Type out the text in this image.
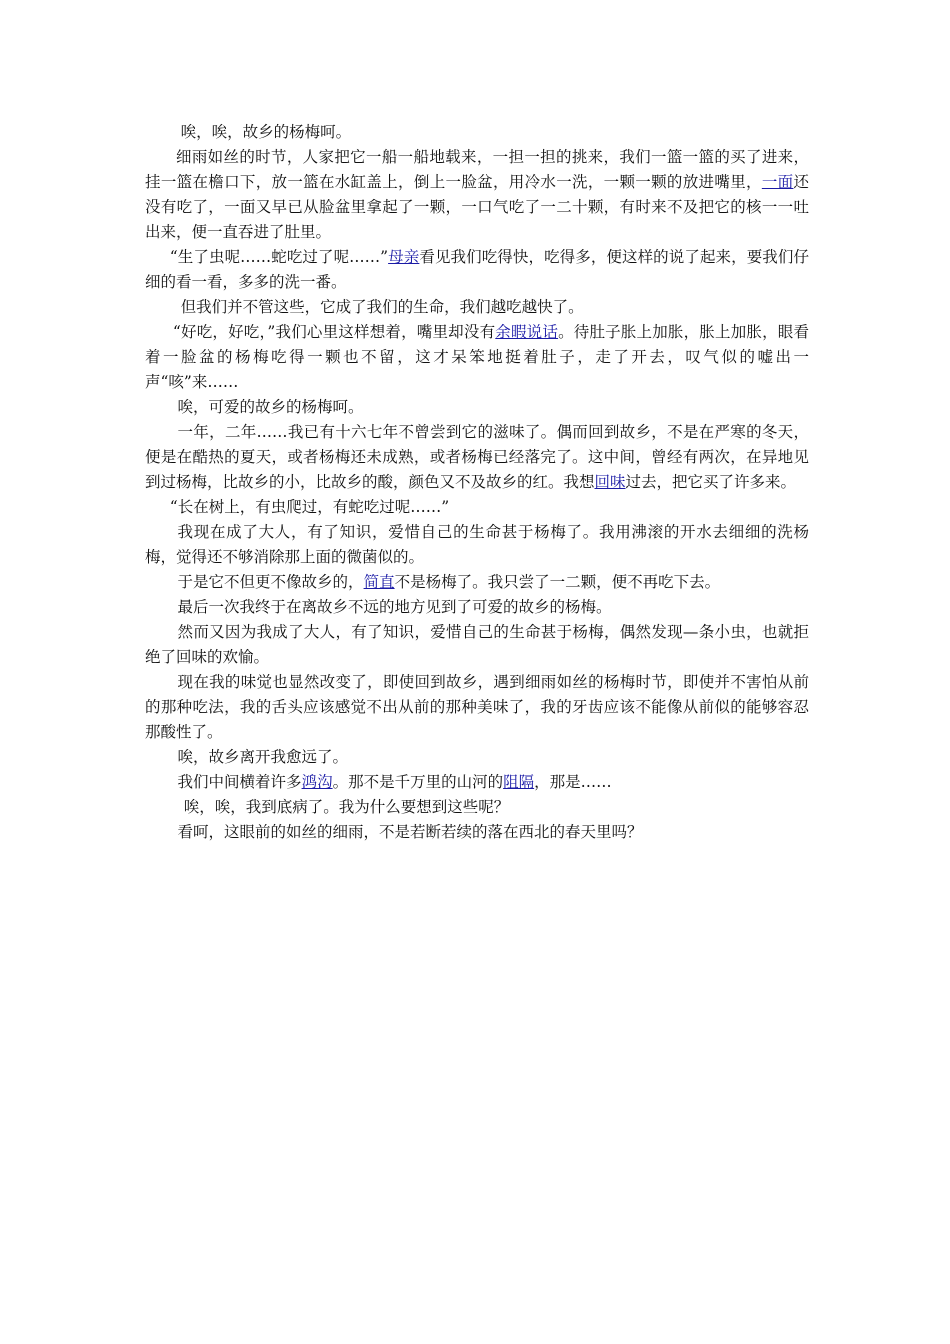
唉，唉，故乡的杨梅呵。

细雨如丝的时节，人家把它一船一船地载来，一担一担的挑来，我们一篮一篮的买了进来，挂一篮在檐口下，放一篮在水缸盖上，倒上一脸盆，用冷水一洗，一颗一颗的放进嘴里，一面还没有吃了，一面又早已从脸盆里拿起了一颗，一口气吃了一二十颗，有时来不及把它的核一一吐出来，便一直吞进了肚里。

“生了虫呢……蛇吃过了呢……”母亲看见我们吃得快，吃得多，便这样的说了起来，要我们仔细的看一看，多多的洗一番。

但我们并不管这些，它成了我们的生命，我们越吃越快了。

“好吃，好吃，”我们心里这样想着，嘴里却没有余暇说话。待肚子胀上加胀，胀上加胀，眼看着一脸盆的杨梅吃得一颗也不留，这才呆笨地挺着肚子，走了开去，叹气似的嘘出一声“咳”来……

唉，可爱的故乡的杨梅呵。

一年，二年……我已有十六七年不曾尝到它的滋味了。偶而回到故乡，不是在严寒的冬天，便是在酷热的夏天，或者杨梅还未成熟，或者杨梅已经落完了。这中间，曾经有两次，在异地见到过杨梅，比故乡的小，比故乡的酸，颜色又不及故乡的红。我想回味过去，把它买了许多来。

“长在树上，有虫爬过，有蛇吃过呢……”

我现在成了大人，有了知识，爱惜自己的生命甚于杨梅了。我用沸滚的开水去细细的洗杨梅，觉得还不够消除那上面的微菌似的。

于是它不但更不像故乡的，简直不是杨梅了。我只尝了一二颗，便不再吃下去。

最后一次我终于在离故乡不远的地方见到了可爱的故乡的杨梅。

然而又因为我成了大人，有了知识，爱惜自己的生命甚于杨梅，偶然发现—条小虫，也就拒绝了回味的欢愉。

现在我的味觉也显然改变了，即使回到故乡，遇到细雨如丝的杨梅时节，即使并不害怕从前的那种吃法，我的舌头应该感觉不出从前的那种美味了，我的牙齿应该不能像从前似的能够容忍那酸性了。

唉，故乡离开我愈远了。

我们中间横着许多鸿沟。那不是千万里的山河的阻隔，那是……

唉，唉，我到底病了。我为什么要想到这些呢？

看呵，这眼前的如丝的细雨，不是若断若续的落在西北的春天里吗？
